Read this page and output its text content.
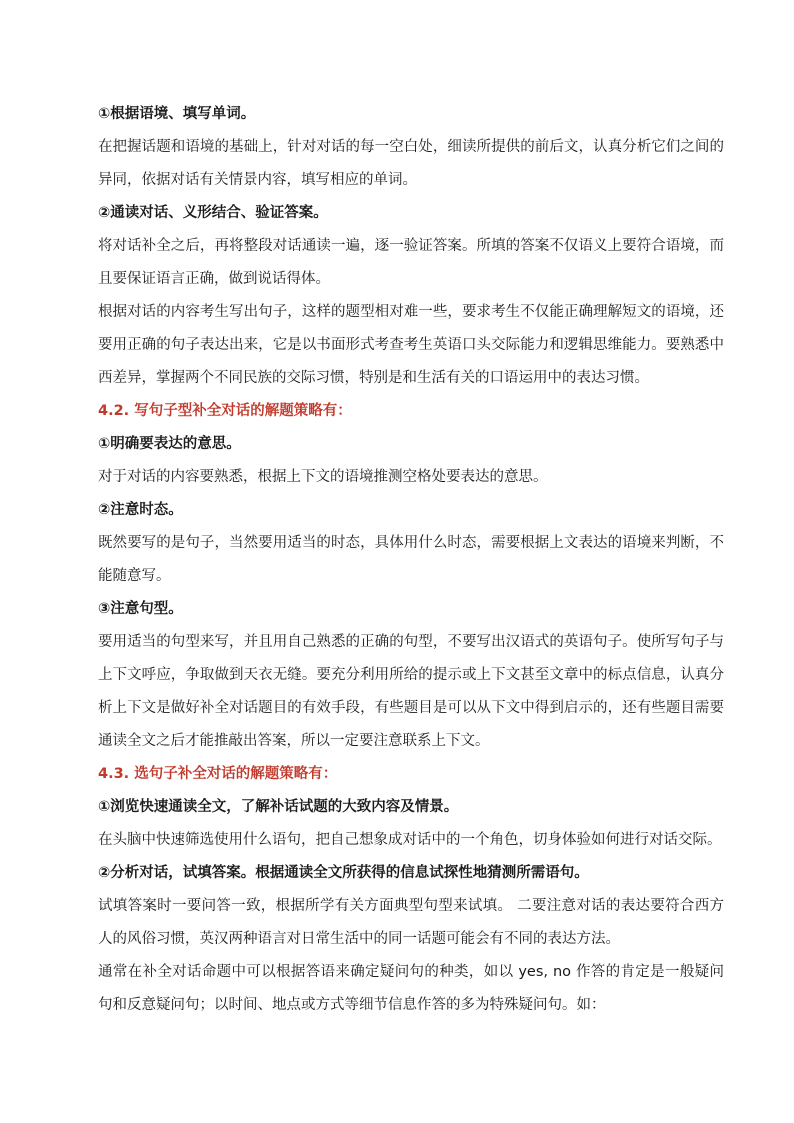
①根据语境、填写单词。

在把握话题和语境的基础上，针对对话的每一空白处，细读所提供的前后文，认真分析它们之间的异同，依据对话有关情景内容，填写相应的单词。

②通读对话、义形结合、验证答案。

将对话补全之后，再将整段对话通读一遍，逐一验证答案。所填的答案不仅语义上要符合语境，而且要保证语言正确，做到说话得体。

根据对话的内容考生写出句子，这样的题型相对难一些，要求考生不仅能正确理解短文的语境，还要用正确的句子表达出来，它是以书面形式考查考生英语口头交际能力和逻辑思维能力。要熟悉中西差异，掌握两个不同民族的交际习惯，特别是和生活有关的口语运用中的表达习惯。

4.2. 写句子型补全对话的解题策略有：

①明确要表达的意思。

对于对话的内容要熟悉，根据上下文的语境推测空格处要表达的意思。

②注意时态。

既然要写的是句子，当然要用适当的时态，具体用什么时态，需要根据上文表达的语境来判断，不能随意写。

③注意句型。

要用适当的句型来写，并且用自己熟悉的正确的句型，不要写出汉语式的英语句子。使所写句子与上下文呼应，争取做到天衣无缝。要充分利用所给的提示或上下文甚至文章中的标点信息，认真分析上下文是做好补全对话题目的有效手段，有些题目是可以从下文中得到启示的，还有些题目需要通读全文之后才能推敲出答案，所以一定要注意联系上下文。

4.3. 选句子补全对话的解题策略有：

①浏览快速通读全文，了解补话试题的大致内容及情景。

在头脑中快速筛选使用什么语句，把自己想象成对话中的一个角色，切身体验如何进行对话交际。

②分析对话，试填答案。根据通读全文所获得的信息试探性地猜测所需语句。

试填答案时一要问答一致，根据所学有关方面典型句型来试填。 二要注意对话的表达要符合西方人的风俗习惯，英汉两种语言对日常生活中的同一话题可能会有不同的表达方法。

通常在补全对话命题中可以根据答语来确定疑问句的种类，如以 yes, no 作答的肯定是一般疑问句和反意疑问句；以时间、地点或方式等细节信息作答的多为特殊疑问句。如：
